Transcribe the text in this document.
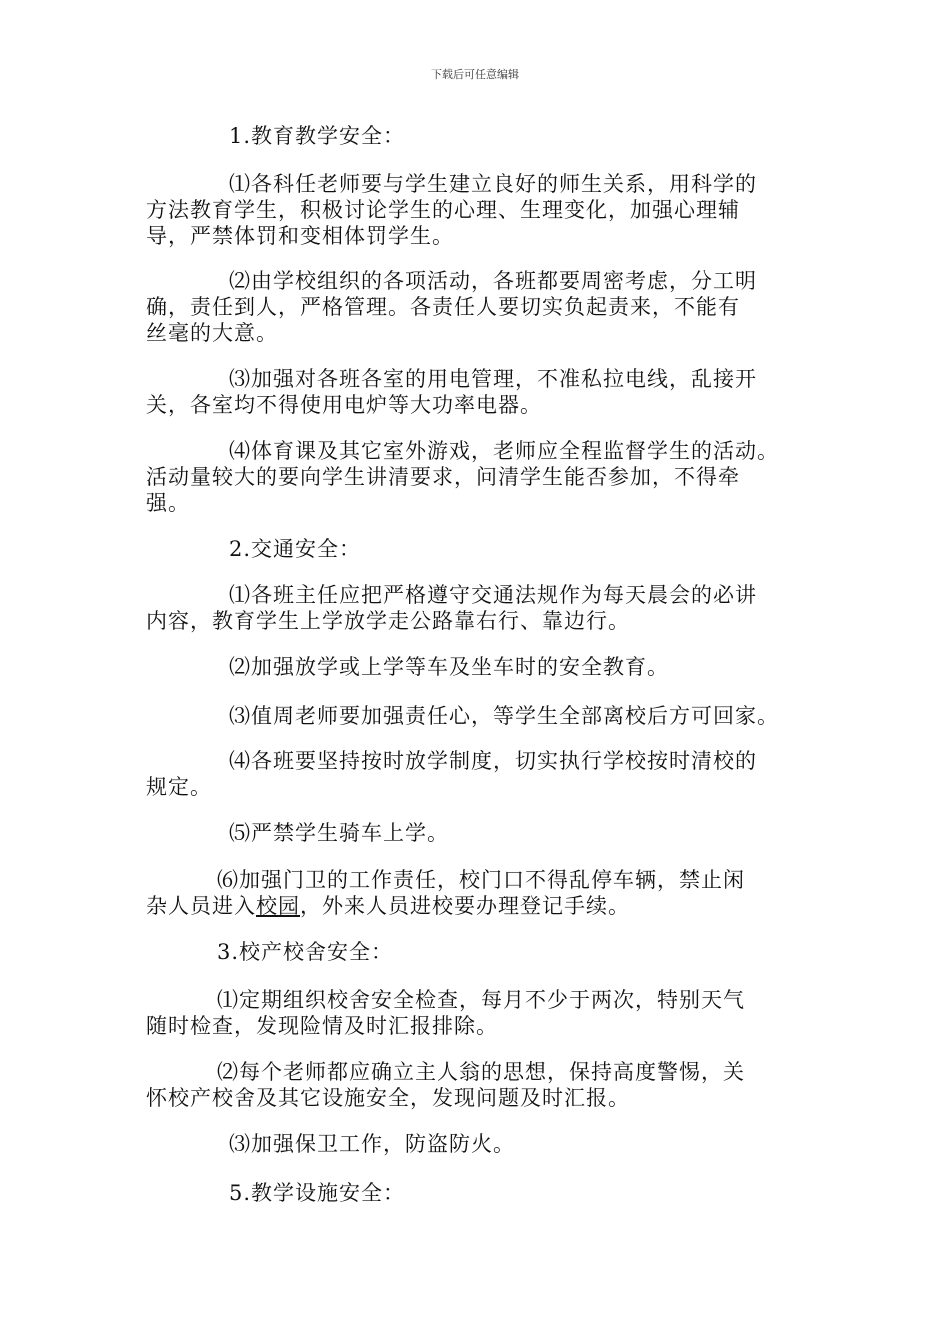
下载后可任意编辑
1.教育教学安全：
⑴各科任老师要与学生建立良好的师生关系，用科学的
方法教育学生，积极讨论学生的心理、生理变化，加强心理辅
导，严禁体罚和变相体罚学生。
⑵由学校组织的各项活动，各班都要周密考虑，分工明
确，责任到人，严格管理。各责任人要切实负起责来，不能有
丝毫的大意。
⑶加强对各班各室的用电管理，不准私拉电线，乱接开
关，各室均不得使用电炉等大功率电器。
⑷体育课及其它室外游戏，老师应全程监督学生的活动。
活动量较大的要向学生讲清要求，问清学生能否参加，不得牵
强。
2.交通安全：
⑴各班主任应把严格遵守交通法规作为每天晨会的必讲
内容，教育学生上学放学走公路靠右行、靠边行。
⑵加强放学或上学等车及坐车时的安全教育。
⑶值周老师要加强责任心，等学生全部离校后方可回家。
⑷各班要坚持按时放学制度，切实执行学校按时清校的
规定。
⑸严禁学生骑车上学。
⑹加强门卫的工作责任，校门口不得乱停车辆，禁止闲
杂人员进入校园，外来人员进校要办理登记手续。
3.校产校舍安全：
⑴定期组织校舍安全检查，每月不少于两次，特别天气
随时检查，发现险情及时汇报排除。
⑵每个老师都应确立主人翁的思想，保持高度警惕，关
怀校产校舍及其它设施安全，发现问题及时汇报。
⑶加强保卫工作，防盗防火。
5.教学设施安全：
